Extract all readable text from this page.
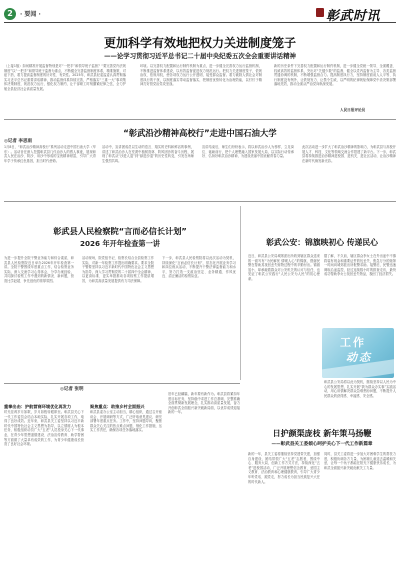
2	· 要闻 ·	彰武时讯
更加科学有效地把权力关进制度笼子
——论学习贯彻习近平总书记二十届中央纪委五次全会重要讲话精神
（上接1版）如何精准开展监督特别是对“一把手”和领导班子监督？“要完善党内法规制度”以“一把手”和领导班子监督为重点，不断健全完善监督制度体系，精准施策，对症下药，着力提高监督制度的针对性、有效性。2025年，彰武县纪委监委认真贯彻落实习近平总书记重要讲话精神，推动监督体系持续完善，严格落实“三重一大”事项集体决策制度，规范权力运行，强化权力制约，让干部职工时刻绷紧纪律之弦，全力护航全县经济社会高质量发展。
环境。以完善权力配置和运行制约机制为重点，进一步健全完善权力运行监督机制，不断推进监督体系建设，以有效监督促进权力规范运行。把权力关进制度笼子，依规治权、依规用权，使各项权力运行公开透明，接受群众监督。着力破除人情社会对制度执行的干扰，以制度落实带动监督落实，把制度优势转化为治理效能，以钉钉子精神打好管党治党攻坚战。
新的历史条件下完善权力配置和运行制约机制，进一步健全党统一领导、全面覆盖、权威高效的监督体系，突出对“关键少数”的监督，健全以党内监督为主导、各类监督贯通协调的机制，不断增强监督合力。提高制度执行力，坚持制度面前人人平等、执行制度没有例外，让铁规发力、让禁令生威，以严明的纪律规矩保障党中央决策部署落地见效，推动全面从严治党向纵深发展。
人民日报评论员
“彰武沿沙精神高校行”走进中国石油大学
◎记者 李思雨
1月8日，“彰武治沙精神高校行”系列活动走进中国石油大学（华东）。活动旨在深入挖掘彰武县几代治沙人的感人事迹，展现彰武人民在治沙、防沙、用沙中形成的宝贵精神财富，引导广大青年学子传承红色基因，担当时代使命。
活动中，宣讲团成员以生动的语言、翔实的史料和鲜活的事例，讲述了彰武治沙人在荒漠中植树造林、防风固沙的奋斗历程，展现了彰武从“沙进人退”到“绿进沙退”的历史性转变，引发在场师生强烈共鸣。
宣讲结束后，师生们纷纷表示，将以彰武治沙人为榜样，立足岗位、砥砺前行，把个人理想融入国家发展大局，以实际行动传承好、弘扬好彰武治沙精神，为建设美丽中国贡献青春力量。
此次活动进一步扩大了彰武治沙精神的影响力，为彰武县与高校开展人才、科技、文化等领域交流合作搭建了新平台。下一步，彰武县将持续推进治沙精神进校园、进机关、进社区活动，让治沙精神在新时代焕发新光彩。
彰武县人民检察院“言而必信长计划”
2026 年开年检查第一讲
为进一步提升全院干警业务能力和综合素质，彰武县人民检察院近日举办2026年开年检查第一讲。全院干警围绕年度重点工作，结合检察业务实际，深入交流学习心得体会，分享办案经验，共同探讨检察工作中遇到的新情况、新问题，营造比学赶超、争先创优的浓厚氛围。
活动现场，院党组书记、检察长结合全县检察工作实际，对新一年检察工作提出明确要求。要求全院干警要坚持以习近平新时代中国特色社会主义思想为指导，深入学习贯彻党的二十届四中全会精神，以更高标准、更实举措推动各项检察工作提质增效，为彰武高质量发展提供有力司法保障。
下一步，彰武县人民检察院将以此次活动为契机，持续深化“言而必信长计划”，常态化开展业务学习和岗位练兵活动，不断提升干警法律监督能力和水平，努力打造一支政治坚定、业务精通、作风优良、清正廉洁的检察队伍。
彰武公安：锦旗映初心 传递民心
近日，彰武县公安局城郊派出所收到辖区群众送来的一面写有“为民解忧 情暖人心”的锦旗，感谢民警在帮助其找回丢失财物过程中的辛勤付出。锦旗虽小，却承载着群众对公安机关的认可与信任，也见证了彰武公安践行“人民公安为人民”的初心使命。
据了解，不久前，辖区群众李女士在外出途中不慎将装有现金和重要证件的包丢失，焦急万分的她第一时间向城郊派出所报警求助。接警后，民警迅速调取沿途监控，经过连续数小时的排查走访，最终成功帮助李女士找回丢失物品，挽回了经济损失。
彰武县公安局将以此为契机，继续坚持以人民为中心的发展思想，扎实开展“我为群众办实事”实践活动，用心用情解决群众急难愁盼问题，不断提升人民群众的获得感、幸福感、安全感。
工作
动态
◎记者 张明
重拳出击：护航营商环境优化再发力
时光荏苒岁月如歌，岁月如梭转眼即至。彰武县关心下一代工作委员会结合本地实际，扎实开展各项工作，取得了良好成效。近年来，彰武县关工委坚持以习近平新时代中国特色社会主义思想为指导，以立德树人为根本任务，积极组织动员广大“五老”人员投身关心下一代事业，在青少年思想道德建设、法治宣传教育、助学帮困等方面做了大量卓有成效的工作，为青少年健康成长营造了良好社会环境。
聚焦重点：助推乡村全面振兴
彰武县委办公室主动担当，精心组织，通过召开座谈会、开展调研等方式，广泛听取意见建议，研究部署年度重点任务。工作中，坚持问题导向，聚焦群众关心关注的热点难点问题，细化工作措施，压实工作责任，确保各项任务落地落实。
旧年已经翻篇，新年要有新作为。彰武县将紧扣年度目标任务，坚持稳中求进工作总基调，完整准确全面贯彻新发展理念，扎实推动高质量发展，奋力开创彰武全面振兴新突破新局面，以优异成绩迎接新的一年。
日护颜渠庞枝 新年策马扬鞭
——彰武县关工委倾心呵护关心下一代工作新篇章
新的一年，县关工委将继续坚持党建带关建，加强自身建设，团结带领广大“五老”志愿者，围绕中心、服务大局，创新工作方式方法，持续深化“五老”进校园活动，广泛开展理想信念教育、爱国主义教育、法治教育和心理健康教育，引导广大青少年听党话、跟党走，努力成长为担当民族复兴大任的时代新人。
同时，县关工委将进一步加大对困难学生的帮扶力度，积极协调各方力量，为困境儿童送去温暖和关爱，让每一个孩子都能在阳光下健康快乐成长，为彰武全面振兴新突破贡献关工力量。
